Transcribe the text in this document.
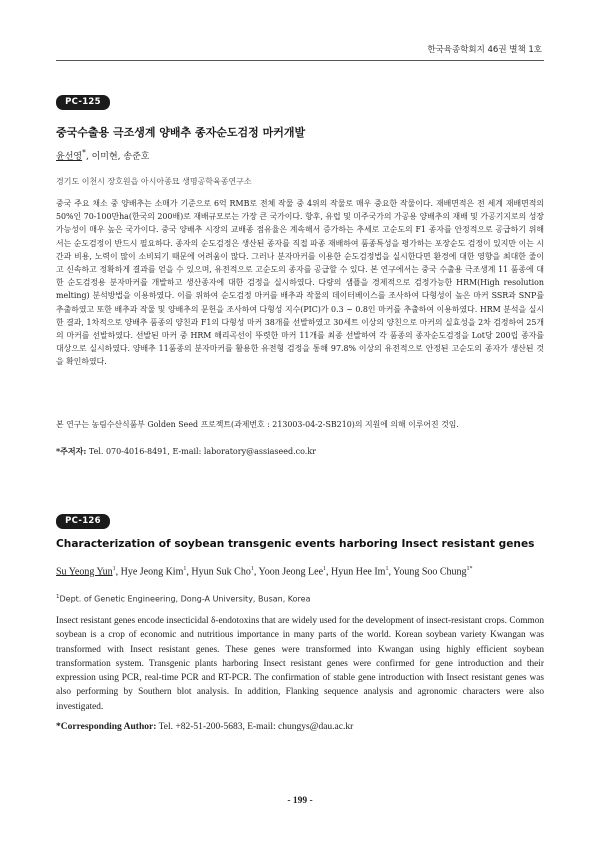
한국육종학회지 46권 별책 1호
PC-125
중국수출용 극조생계 양배추 종자순도검정 마커개발
윤선영*, 이미현, 송준호
경기도 이천시 장호원읍 아시아종묘 생명공학육종연구소

중국 주요 채소 중 양배추는 소매가 기준으로 6억 RMB로 전체 작물 중 4위의 작물로 매우 중요한 작물이다. 재배면적은 전 세계 재배면적의 50%인 70-100만ha(한국의 200배)로 재배규모로는 가장 큰 국가이다. 향후, 유럽 및 미주국가의 가공용 양배추의 재배 및 가공기지로의 성장 가능성이 매우 높은 국가이다. 중국 양배추 시장의 교배종 점유율은 계속해서 증가하는 추세로 고순도의 F1 종자를 안정적으로 공급하기 위해서는 순도검정이 반드시 필요하다. 종자의 순도검정은 생산된 종자를 직접 파종 재배하여 품종특성을 평가하는 포장순도 검정이 있지만 이는 시간과 비용, 노력이 많이 소비되기 때문에 어려움이 많다. 그러나 분자마커를 이용한 순도검정법을 실시한다면 환경에 대한 영향을 최대한 줄이고 신속하고 정확하게 결과를 얻을 수 있으며, 유전적으로 고순도의 종자를 공급할 수 있다. 본 연구에서는 중국 수출용 극조생계 11 품종에 대한 순도검정용 분자마커를 개발하고 생산종자에 대한 검정을 실시하였다. 다량의 샘플을 경제적으로 검정가능한 HRM(High resolution melting) 분석방법을 이용하였다. 이를 위하여 순도검정 마커를 배추과 작물의 데이터베이스를 조사하여 다형성이 높은 마커 SSR과 SNP를 추출하였고 또한 배추과 작물 및 양배추의 문헌을 조사하여 다형성 지수(PIC)가 0.3 ~ 0.8인 마커를 추출하여 이용하였다. HRM 분석을 실시한 결과, 1차적으로 양배추 품종의 양친과 F1의 다형성 마커 38개를 선발하였고 30세트 이상의 양친으로 마커의 실효성을 2차 검정하여 25개의 마커를 선발하였다. 선발된 마커 중 HRM 해리곡선이 뚜렷한 마커 11개를 최종 선발하여 각 품종의 종자순도검정을 Lot당 200립 종자를 대상으로 실시하였다. 양배추 11품종의 분자마커를 활용한 유전형 검정을 통해 97.8% 이상의 유전적으로 안정된 고순도의 종자가 생산된 것을 확인하였다.

본 연구는 농림수산식품부 Golden Seed 프로젝트(과제번호 : 213003-04-2-SB210)의 지원에 의해 이루어진 것임.

*주저자: Tel. 070-4016-8491, E-mail: laboratory@assiaseed.co.kr
PC-126
Characterization of soybean transgenic events harboring Insect resistant genes
Su Yeong Yun$^1$, Hye Jeong Kim$^1$, Hyun Suk Cho$^1$, Yoon Jeong Lee$^1$, Hyun Hee Im$^1$, Young Soo Chung$^{1*}$
$^1$Dept. of Genetic Engineering, Dong-A University, Busan, Korea

Insect resistant genes encode insecticidal δ-endotoxins that are widely used for the development of insect-resistant crops. Common soybean is a crop of economic and nutritious importance in many parts of the world. Korean soybean variety Kwangan was transformed with Insect resistant genes. These genes were transformed into Kwangan using highly efficient soybean transformation system. Transgenic plants harboring Insect resistant genes were confirmed for gene introduction and their expression using PCR, real-time PCR and RT-PCR. The confirmation of stable gene introduction with Insect resistant genes was also performing by Southern blot analysis. In addition, Flanking sequence analysis and agronomic characters were also investigated.

*Corresponding Author: Tel. +82-51-200-5683, E-mail: chungys@dau.ac.kr
- 199 -
